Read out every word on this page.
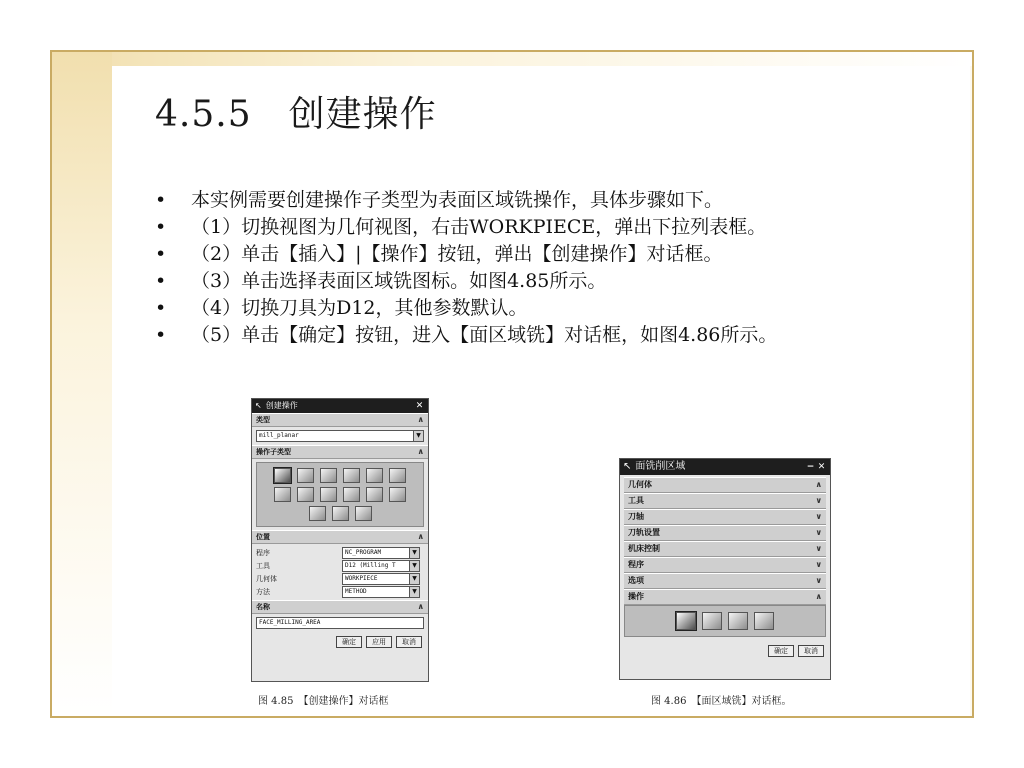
4.5.5　创建操作
• 本实例需要创建操作子类型为表面区域铣操作，具体步骤如下。
• （1）切换视图为几何视图，右击WORKPIECE，弹出下拉列表框。
• （2）单击【插入】|【操作】按钮，弹出【创建操作】对话框。
• （3）单击选择表面区域铣图标。如图4.85所示。
• （4）切换刀具为D12，其他参数默认。
• （5）单击【确定】按钮，进入【面区域铣】对话框，如图4.86所示。
↖ 创建操作	✕
类型	∧
mill_planar	▼
操作子类型	∧
位置	∧
程序	NC_PROGRAM	▼
工具	D12 (Milling T	▼
几何体	WORKPIECE	▼
方法	METHOD	▼
名称	∧
FACE_MILLING_AREA
确定	应用	取消
图 4.85　【创建操作】对话框
↖ 面铣削区域	− ✕
几何体	∧
工具	∨
刀轴	∨
刀轨设置	∨
机床控制	∨
程序	∨
选项	∨
操作	∧
确定	取消
图 4.86　【面区域铣】对话框。
